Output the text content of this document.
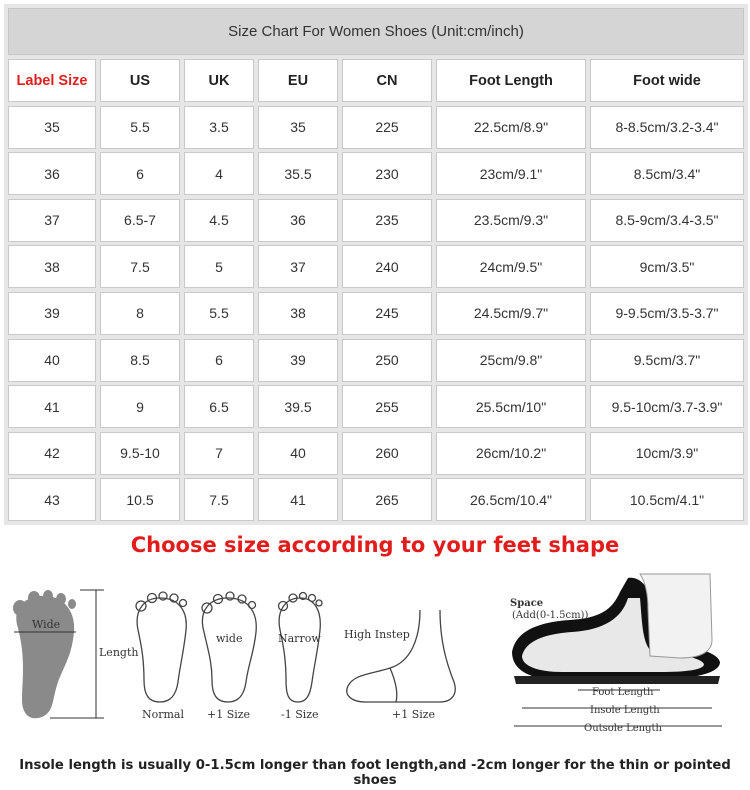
Size Chart For Women Shoes (Unit:cm/inch)
Label Size	US	UK	EU	CN	Foot Length	Foot wide
35	5.5	3.5	35	225	22.5cm/8.9"	8-8.5cm/3.2-3.4"
36	6	4	35.5	230	23cm/9.1"	8.5cm/3.4"
37	6.5-7	4.5	36	235	23.5cm/9.3"	8.5-9cm/3.4-3.5"
38	7.5	5	37	240	24cm/9.5"	9cm/3.5"
39	8	5.5	38	245	24.5cm/9.7"	9-9.5cm/3.5-3.7"
40	8.5	6	39	250	25cm/9.8"	9.5cm/3.7"
41	9	6.5	39.5	255	25.5cm/10"	9.5-10cm/3.7-3.9"
42	9.5-10	7	40	260	26cm/10.2"	10cm/3.9"
43	10.5	7.5	41	265	26.5cm/10.4"	10.5cm/4.1"
Choose size according to your feet shape
Wide
Length
Normal
wide
+1 Size
Narrow
-1 Size
High Instep
+1 Size
Space
(Add(0-1.5cm))
Foot Length
Insole Length
Outsole Length
Insole length is usually 0-1.5cm longer than foot length,and -2cm longer for the thin or pointed shoes
